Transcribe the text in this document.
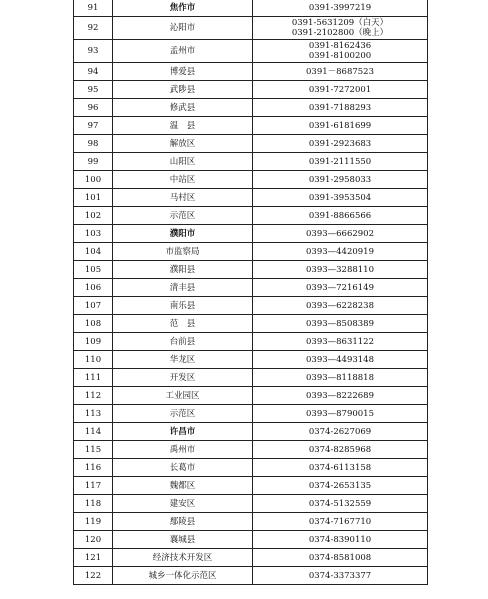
91	焦作市	0391-3997219

92	沁阳市	0391-5631209（白天）
0391-2102800（晚上）

93	孟州市	0391-8162436
0391-8100200

94	博爱县	0391－8687523

95	武陟县	0391-7272001

96	修武县	0391-7188293

97	温　县	0391-6181699

98	解放区	0391-2923683

99	山阳区	0391-2111550

100	中站区	0391-2958033

101	马村区	0391-3953504

102	示范区	0391-8866566

103	濮阳市	0393—6662902

104	市监察局	0393—4420919

105	濮阳县	0393—3288110

106	清丰县	0393—7216149

107	南乐县	0393—6228238

108	范　县	0393—8508389

109	台前县	0393—8631122

110	华龙区	0393—4493148

111	开发区	0393—8118818

112	工业园区	0393—8222689

113	示范区	0393—8790015

114	许昌市	0374-2627069

115	禹州市	0374-8285968

116	长葛市	0374-6113158

117	魏都区	0374-2653135

118	建安区	0374-5132559

119	鄢陵县	0374-7167710

120	襄城县	0374-8390110

121	经济技术开发区	0374-8581008

122	城乡一体化示范区	0374-3373377
